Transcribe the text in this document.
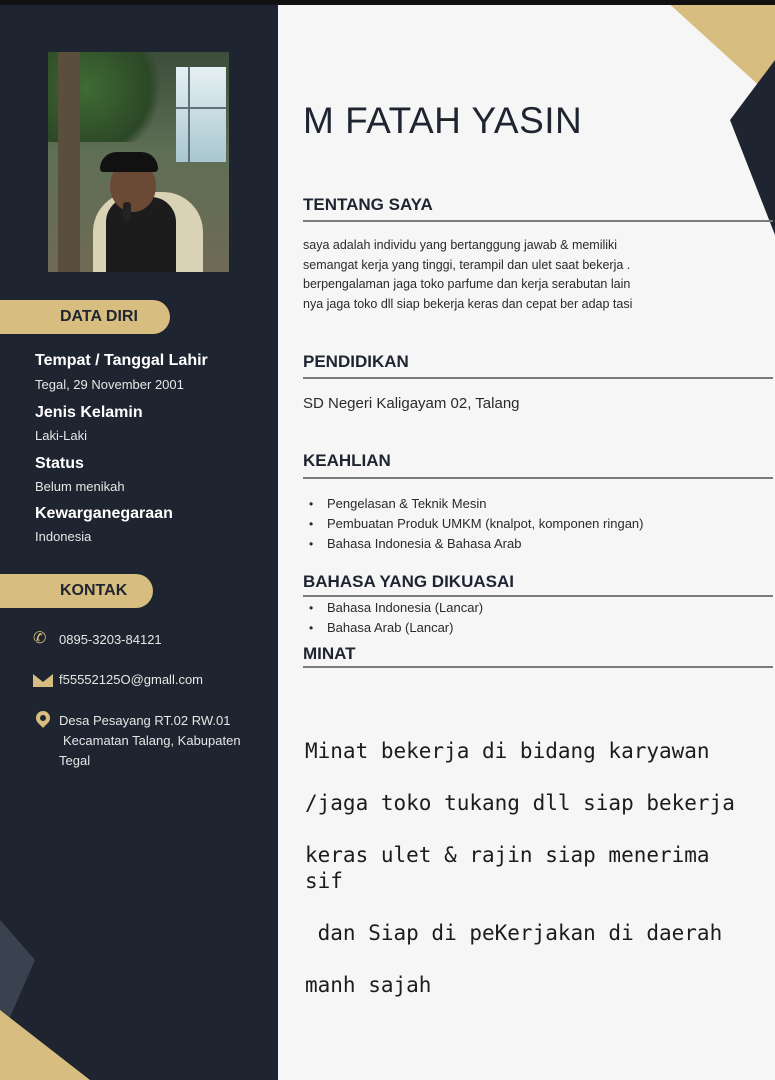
DATA DIRI
Tempat / Tanggal Lahir
Tegal, 29 November 2001
Jenis Kelamin
Laki-Laki
Status
Belum menikah
Kewarganegaraan
Indonesia
KONTAK
✆ 0895-3203-84121
f55552125O@gmall.com
Desa Pesayang RT.02 RW.01
Kecamatan Talang, Kabupaten
Tegal
M FATAH YASIN
TENTANG SAYA
saya adalah individu yang bertanggung jawab & memiliki
semangat kerja yang tinggi, terampil dan ulet saat bekerja .
berpengalaman jaga toko parfume dan kerja serabutan lain
nya jaga toko dll siap bekerja keras dan cepat ber adap tasi
PENDIDIKAN
SD Negeri Kaligayam 02, Talang
KEAHLIAN
• Pengelasan & Teknik Mesin
• Pembuatan Produk UMKM (knalpot, komponen ringan)
• Bahasa Indonesia & Bahasa Arab
BAHASA YANG DIKUASAI
• Bahasa Indonesia (Lancar)
• Bahasa Arab (Lancar)
MINAT

Minat bekerja di bidang karyawan

/jaga toko tukang dll siap bekerja

keras ulet & rajin siap menerima sif

dan Siap di peKerjakan di daerah

manh sajah
